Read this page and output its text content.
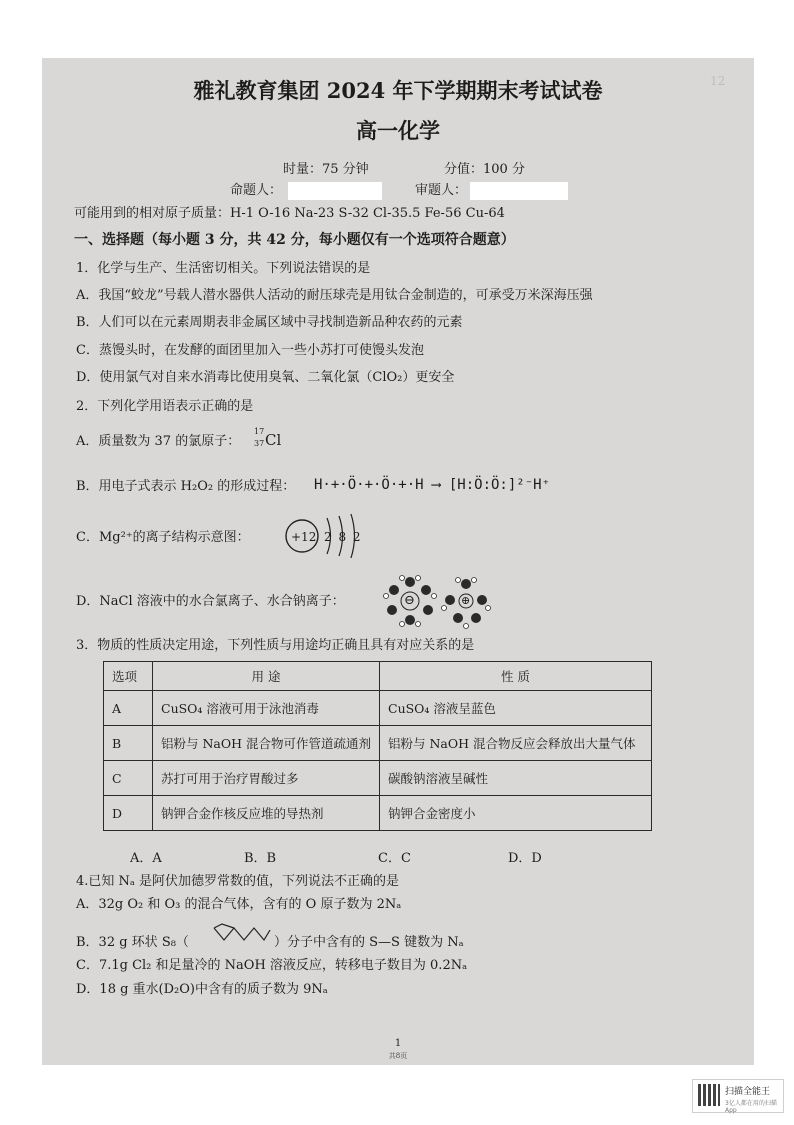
12
雅礼教育集团 2024 年下学期期末考试试卷
高一化学
时量：75 分钟	分值：100 分
命题人：	审题人：
可能用到的相对原子质量：H-1 O-16 Na-23 S-32 Cl-35.5 Fe-56 Cu-64
一、选择题（每小题 3 分，共 42 分，每小题仅有一个选项符合题意）
1．化学与生产、生活密切相关。下列说法错误的是
A．我国“蛟龙”号载人潜水器供人活动的耐压球壳是用钛合金制造的，可承受万米深海压强
B．人们可以在元素周期表非金属区域中寻找制造新品种农药的元素
C．蒸馒头时，在发酵的面团里加入一些小苏打可使馒头发泡
D．使用氯气对自来水消毒比使用臭氧、二氧化氯（ClO₂）更安全
2．下列化学用语表示正确的是
A．质量数为 37 的氯原子：
17
37 Cl
B．用电子式表示 H₂O₂ 的形成过程： H·+·Ö·+·Ö·+·H ⟶ [H:Ö:Ö:]²⁻H⁺
C．Mg²⁺的离子结构示意图：	+12 2 8 2
D．NaCl 溶液中的水合氯离子、水合钠离子：	⊖	⊕
3．物质的性质决定用途，下列性质与用途均正确且具有对应关系的是
选项	用 途	性 质
A	CuSO₄ 溶液可用于泳池消毒	CuSO₄ 溶液呈蓝色
B	铝粉与 NaOH 混合物可作管道疏通剂	铝粉与 NaOH 混合物反应会释放出大量气体
C	苏打可用于治疗胃酸过多	碳酸钠溶液呈碱性
D	钠钾合金作核反应堆的导热剂	钠钾合金密度小
A．A	B．B	C．C	D．D
4.已知 Nₐ 是阿伏加德罗常数的值，下列说法不正确的是
A．32g O₂ 和 O₃ 的混合气体，含有的 O 原子数为 2Nₐ
B．32 g 环状 S₈（	）分子中含有的 S—S 键数为 Nₐ
C．7.1g Cl₂ 和足量冷的 NaOH 溶液反应，转移电子数目为 0.2Nₐ
D．18 g 重水(D₂O)中含有的质子数为 9Nₐ
1
共8页
扫描全能王
3亿人都在用的扫描App
